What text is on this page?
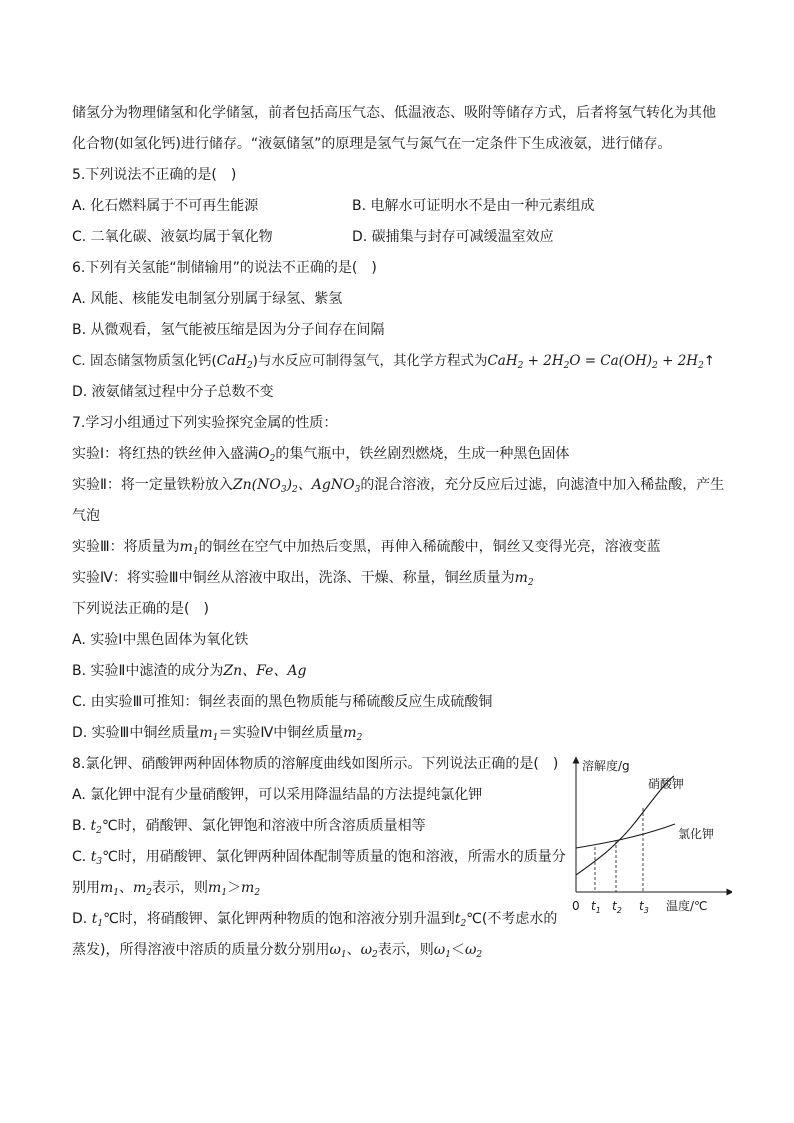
储氢分为物理储氢和化学储氢，前者包括高压气态、低温液态、吸附等储存方式，后者将氢气转化为其他
化合物(如氢化钙)进行储存。“液氨储氢”的原理是氢气与氮气在一定条件下生成液氨，进行储存。
5.下列说法不正确的是(　)
A. 化石燃料属于不可再生能源	B. 电解水可证明水不是由一种元素组成
C. 二氧化碳、液氨均属于氧化物	D. 碳捕集与封存可减缓温室效应
6.下列有关氢能“制储输用”的说法不正确的是(　)
A. 风能、核能发电制氢分别属于绿氢、紫氢
B. 从微观看，氢气能被压缩是因为分子间存在间隔
C. 固态储氢物质氢化钙(CaH$_2$)与水反应可制得氢气，其化学方程式为$CaH_2 + 2H_2O = Ca(OH)_2$ + $2H_2↑$
D. 液氨储氢过程中分子总数不变
7.学习小组通过下列实验探究金属的性质：
实验Ⅰ：将红热的铁丝伸入盛满$O_2$的集气瓶中，铁丝剧烈燃烧，生成一种黑色固体
实验Ⅱ：将一定量铁粉放入$Zn(NO_3)_2$、AgNO$_3$的混合溶液，充分反应后过滤，向滤渣中加入稀盐酸，产生
气泡
实验Ⅲ：将质量为$m_1$的铜丝在空气中加热后变黑，再伸入稀硫酸中，铜丝又变得光亮，溶液变蓝
实验Ⅳ：将实验Ⅲ中铜丝从溶液中取出，洗涤、干燥、称量，铜丝质量为$m_2$
下列说法正确的是(　)
A. 实验Ⅰ中黑色固体为氧化铁
B. 实验Ⅱ中滤渣的成分为Zn、Fe、Ag
C. 由实验Ⅲ可推知：铜丝表面的黑色物质能与稀硫酸反应生成硫酸铜
D. 实验Ⅲ中铜丝质量$m_1=$实验Ⅳ中铜丝质量$m_2$
8.氯化钾、硝酸钾两种固体物质的溶解度曲线如图所示。下列说法正确的是(　)
A. 氯化钾中混有少量硝酸钾，可以采用降温结晶的方法提纯氯化钾
B. $t_2℃$时，硝酸钾、氯化钾饱和溶液中所含溶质质量相等
C. $t_3℃$时，用硝酸钾、氯化钾两种固体配制等质量的饱和溶液，所需水的质量分
别用$m_1$、$m_2$表示，则$m_1>m_2$
D. $t_1℃$时，将硝酸钾、氯化钾两种物质的饱和溶液分别升温到$t_2℃$(不考虑水的
蒸发)，所得溶液中溶质的质量分数分别用$\omega_1$、$\omega_2$表示，则$\omega_1<\omega_2$
溶解度/g
硝酸钾
氯化钾
0 $t_1$ $t_2$ $t_3$ 温度/℃
